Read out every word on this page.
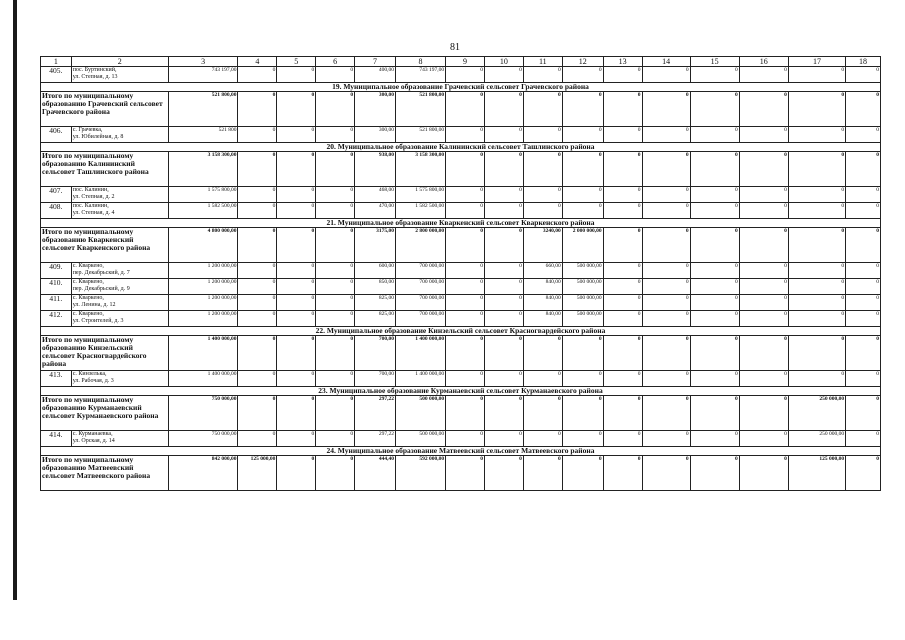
81
1	2	3	4	5	6	7	8	9	10	11	12	13	14	15	16	17	18
405.	пос. Буртинский,
ул. Степная, д. 13	743 197,00	0	0	0	400,00	743 197,00	0	0	0	0	0	0	0	0	0	0
19. Муниципальное образование Грачевский сельсовет Грачевского района																	
Итого по муниципальному образованию Грачевский сельсовет Грачевского района		521 800,00	0	0	0	300,00	521 800,00	0	0	0	0	0	0	0	0	0	0
406.	с. Грачевка,
ул. Юбилейная, д. 8	521 800	0	0	0	300,00	521 800,00	0	0	0	0	0	0	0	0	0	0
20. Муниципальное образование Калининский сельсовет Ташлинского района																	
Итого по муниципальному образованию Калининский сельсовет Ташлинского района		3 158 300,00	0	0	0	938,00	3 158 300,00	0	0	0	0	0	0	0	0	0	0
407.	пос. Калинин,
ул. Степная, д. 2	1 575 800,00	0	0	0	468,00	1 575 800,00	0	0	0	0	0	0	0	0	0	0
408.	пос. Калинин,
ул. Степная, д. 4	1 582 500,00	0	0	0	470,00	1 582 500,00	0	0	0	0	0	0	0	0	0	0
21. Муниципальное образование Кваркенский сельсовет Кваркенского района																	
Итого по муниципальному образованию Кваркенский сельсовет Кваркенского района		4 800 000,00	0	0	0	3175,00	2 800 000,00	0	0	3240,00	2 000 000,00	0	0	0	0	0	0
409.	с. Кваркено,
пер. Декабрьский, д. 7	1 200 000,00	0	0	0	600,00	700 000,00	0	0	660,00	500 000,00	0	0	0	0	0	0
410.	с. Кваркено,
пер. Декабрьский, д. 9	1 200 000,00	0	0	0	850,00	700 000,00	0	0	840,00	500 000,00	0	0	0	0	0	0
411.	с. Кваркено,
ул. Ленина, д. 12	1 200 000,00	0	0	0	825,00	700 000,00	0	0	840,00	500 000,00	0	0	0	0	0	0
412.	с. Кваркено,
ул. Строителей, д. 3	1 200 000,00	0	0	0	825,00	700 000,00	0	0	840,00	500 000,00	0	0	0	0	0	0
22. Муниципальное образование Кинзельский сельсовет Красногвардейского района																	
Итого по муниципальному образованию Кинзельский сельсовет Красногвардейского района		1 400 000,00	0	0	0	700,00	1 400 000,00	0	0	0	0	0	0	0	0	0	0
413.	с. Кинзелька,
ул. Рабочая, д. 3	1 400 000,00	0	0	0	700,00	1 400 000,00	0	0	0	0	0	0	0	0	0	0
23. Муниципальное образование Курманаевский сельсовет Курманаевского района																	
Итого по муниципальному образованию Курманаевский сельсовет Курманаевского района		750 000,00	0	0	0	297,22	500 000,00	0	0	0	0	0	0	0	0	250 000,00	0
414.	с. Курманаевка,
ул. Орская, д. 14	750 000,00	0	0	0	297,22	500 000,00	0	0	0	0	0	0	0	0	250 000,00	0
24. Муниципальное образование Матвеевский сельсовет Матвеевского района																	
Итого по муниципальному образованию Матвеевский сельсовет Матвеевского района		842 000,00	125 000,00	0	0	444,40	592 000,00	0	0	0	0	0	0	0	0	125 000,00	0
